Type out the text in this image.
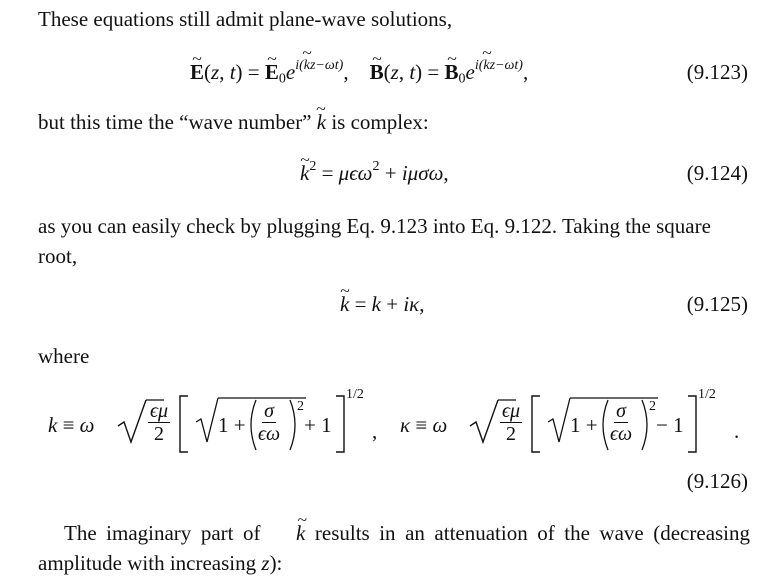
These equations still admit plane-wave solutions,

~ E(z, t) = ~ $E_0e^{i(kz-\omega t)}$,    ~ B(z, t) = ~ $B_0e^{i(kz-\omega t)}$,	(9.123)

but this time the “wave number” ~ k is complex:

~ $k^2 = \mu\epsilon\omega^2 + i\mu\sigma\omega$,	(9.124)

as you can easily check by plugging Eq. 9.123 into Eq. 9.122. Taking the square root,

~ k = k + iκ,	(9.125)

where

k ≡ ω	$\frac{\epsilon\mu}{2} 1 + \frac{\sigma}{\epsilon\omega} 2$
+ 1
1/2
, κ ≡ ω	$\frac{\epsilon\mu}{2} 1 + \frac{\sigma}{\epsilon\omega} 2$
− 1
1/2
.
(9.126)

The imaginary part of ~ k results in an attenuation of the wave (decreasing amplitude with increasing z):
